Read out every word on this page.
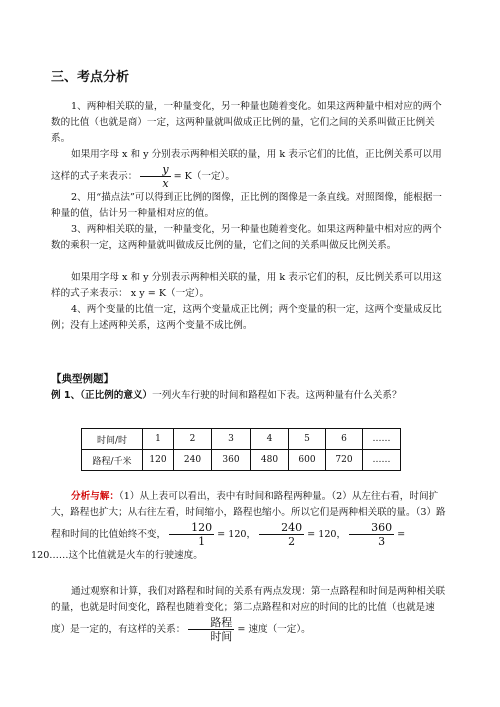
三、考点分析

1、两种相关联的量，一种量变化，另一种量也随着变化。如果这两种量中相对应的两个数的比值（也就是商）一定，这两种量就叫做成正比例的量，它们之间的关系叫做正比例关系。

如果用字母 x 和 y 分别表示两种相关联的量，用 k 表示它们的比值，正比例关系可以用这样的式子来表示： $\frac{y}{x} = K$（一定）。

2、用“描点法”可以得到正比例的图像，正比例的图像是一条直线。对照图像，能根据一种量的值，估计另一种量相对应的值。

3、两种相关联的量，一种量变化，另一种量也随着变化。如果这两种量中相对应的两个数的乘积一定，这两种量就叫做成反比例的量，它们之间的关系叫做反比例关系。

如果用字母 x 和 y 分别表示两种相关联的量，用 k 表示它们的积，反比例关系可以用这样的式子来表示： x y = K（一定）。

4、两个变量的比值一定，这两个变量成正比例；两个变量的积一定，这两个变量成反比例；没有上述两种关系，这两个变量不成比例。

【典型例题】
例 1、（正比例的意义）一列火车行驶的时间和路程如下表。这两种量有什么关系？
时间/时	1	2	3	4	5	6	……
路程/千米	120	240	360	480	600	720	……

分析与解：（1）从上表可以看出，表中有时间和路程两种量。（2）从左往右看，时间扩大，路程也扩大；从右往左看，时间缩小，路程也缩小。所以它们是两种相关联的量。（3）路程和时间的比值始终不变， $\frac{120}{1} = 120$， $\frac{240}{2} = 120$， $\frac{360}{3}$ =
120……这个比值就是火车的行驶速度。

通过观察和计算，我们对路程和时间的关系有两点发现：第一点路程和时间是两种相关联的量，也就是时间变化，路程也随着变化；第二点路程和对应的时间的比的比值（也就是速度）是一定的，有这样的关系： $\frac{\text{路程}}{\text{时间}}$ = 速度（一定）。
